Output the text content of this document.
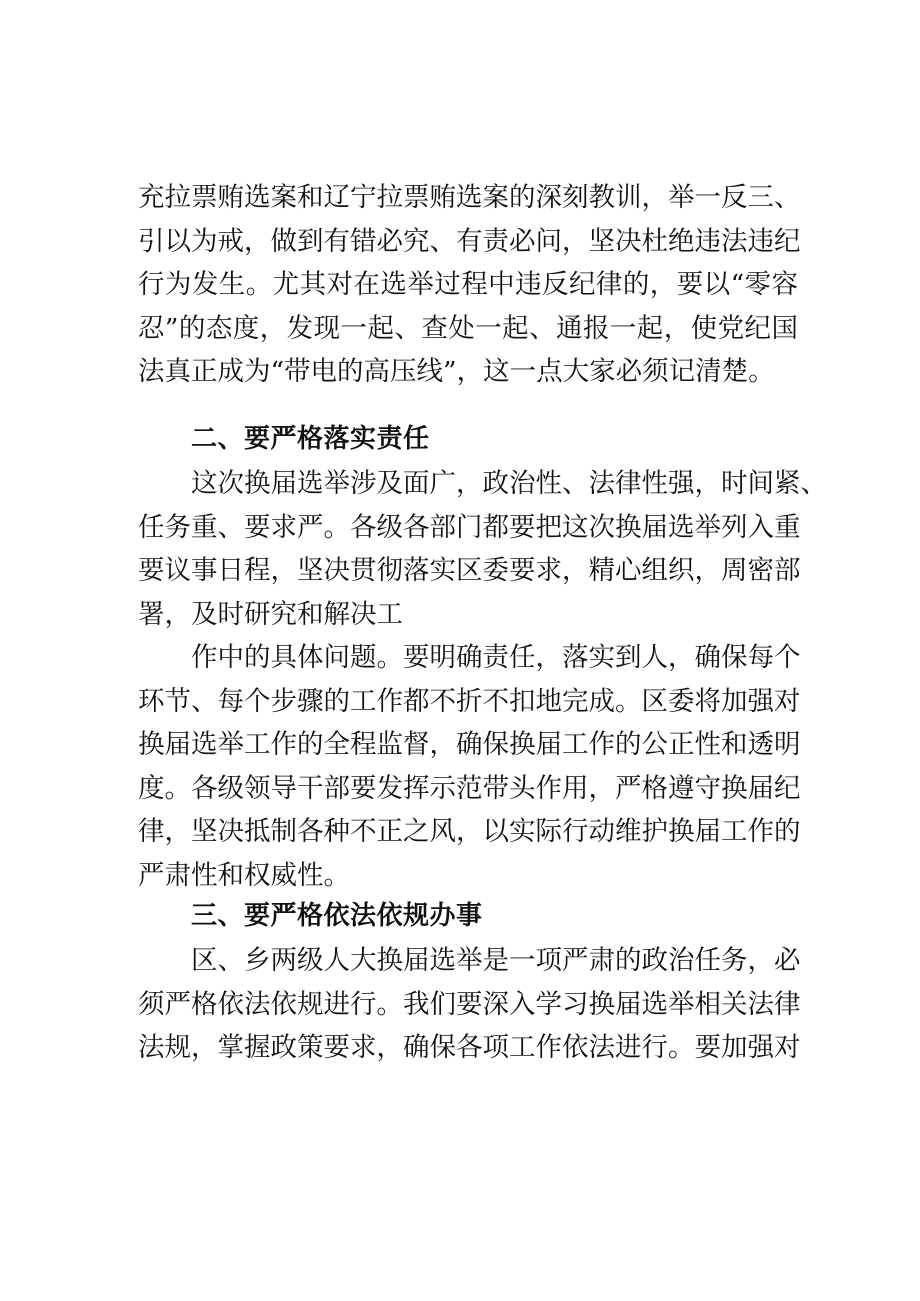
充拉票贿选案和辽宁拉票贿选案的深刻教训，举一反三、
引以为戒，做到有错必究、有责必问，坚决杜绝违法违纪
行为发生。尤其对在选举过程中违反纪律的，要以“零容
忍”的态度，发现一起、查处一起、通报一起，使党纪国
法真正成为“带电的高压线”，这一点大家必须记清楚。
二、要严格落实责任
这次换届选举涉及面广，政治性、法律性强，时间紧、
任务重、要求严。各级各部门都要把这次换届选举列入重
要议事日程，坚决贯彻落实区委要求，精心组织，周密部
署，及时研究和解决工
作中的具体问题。要明确责任，落实到人，确保每个
环节、每个步骤的工作都不折不扣地完成。区委将加强对
换届选举工作的全程监督，确保换届工作的公正性和透明
度。各级领导干部要发挥示范带头作用，严格遵守换届纪
律，坚决抵制各种不正之风，以实际行动维护换届工作的
严肃性和权威性。
三、要严格依法依规办事
区、乡两级人大换届选举是一项严肃的政治任务，必
须严格依法依规进行。我们要深入学习换届选举相关法律
法规，掌握政策要求，确保各项工作依法进行。要加强对
